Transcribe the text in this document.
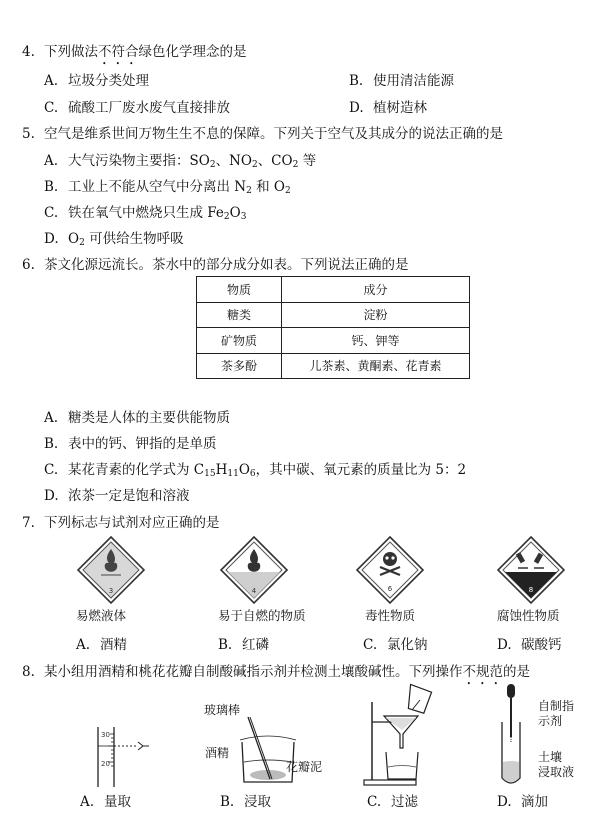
4. 下列做法不符合绿色化学理念的是
A. 垃圾分类处理	B. 使用清洁能源
C. 硫酸工厂废水废气直接排放	D. 植树造林
5. 空气是维系世间万物生生不息的保障。下列关于空气及其成分的说法正确的是
A. 大气污染物主要指：$SO_2$、$NO_2$、$CO_2$ 等
B. 工业上不能从空气中分离出 $N_2$ 和 $O_2$
C. 铁在氧气中燃烧只生成 $Fe_2O_3$
D. $O_2$ 可供给生物呼吸
6. 茶文化源远流长。茶水中的部分成分如表。下列说法正确的是
物质	成分
糖类	淀粉
矿物质	钙、钾等
茶多酚	儿茶素、黄酮素、花青素
A. 糖类是人体的主要供能物质
B. 表中的钙、钾指的是单质
C. 某花青素的化学式为 $C_{15}H_{11}O_6$，其中碳、氧元素的质量比为 5：2
D. 浓茶一定是饱和溶液
7. 下列标志与试剂对应正确的是
3	4	6	8
易燃液体	易于自燃的物质	毒性物质	腐蚀性物质
A. 酒精	B. 红磷	C. 氯化钠	D. 碳酸钙
8. 某小组用酒精和桃花花瓣自制酸碱指示剂并检测土壤酸碱性。下列操作不规范的是
30
20
玻璃棒
酒精
花瓣泥
自制指
示剂
土壤
浸取液
A. 量取	B. 浸取	C. 过滤	D. 滴加
